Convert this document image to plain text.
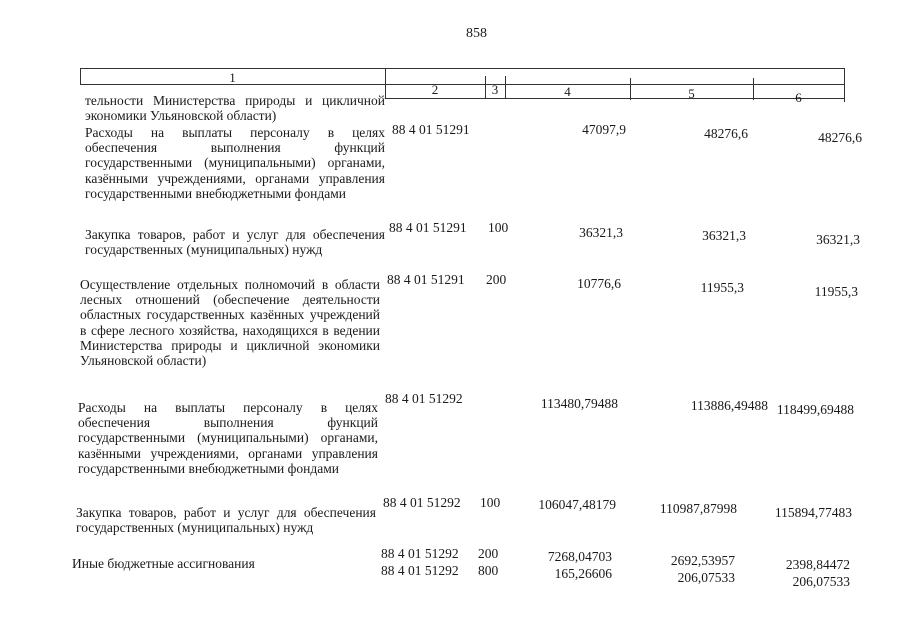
858
1
2	3	4	5	6
тельности Министерства природы и цикличной экономики Ульяновской области)
Расходы на выплаты персоналу в целях обеспечения выполнения функций государственными (муниципальными) органами, казёнными учреждениями, органами управления государственными внебюджетными фондами
88 4 01 51291	47097,9	48276,6	48276,6
Закупка товаров, работ и услуг для обеспечения государственных (муниципальных) нужд
88 4 01 51291 100	36321,3	36321,3	36321,3
Осуществление отдельных полномочий в области лесных отношений (обеспечение деятельности областных государственных казённых учреждений в сфере лесного хозяйства, находящихся в ведении Министерства природы и цикличной экономики Ульяновской области)
88 4 01 51291 200	10776,6	11955,3	11955,3
Расходы на выплаты персоналу в целях обеспечения выполнения функций государственными (муниципальными) органами, казёнными учреждениями, органами управления государственными внебюджетными фондами
88 4 01 51292	113480,79488	113886,49488 118499,69488
Закупка товаров, работ и услуг для обеспечения государственных (муниципальных) нужд
88 4 01 51292 100	106047,48179	110987,87998	115894,77483
Иные бюджетные ассигнования
88 4 01 51292 200	7268,04703	2692,53957	2398,84472
88 4 01 51292 800	165,26606	206,07533	206,07533
